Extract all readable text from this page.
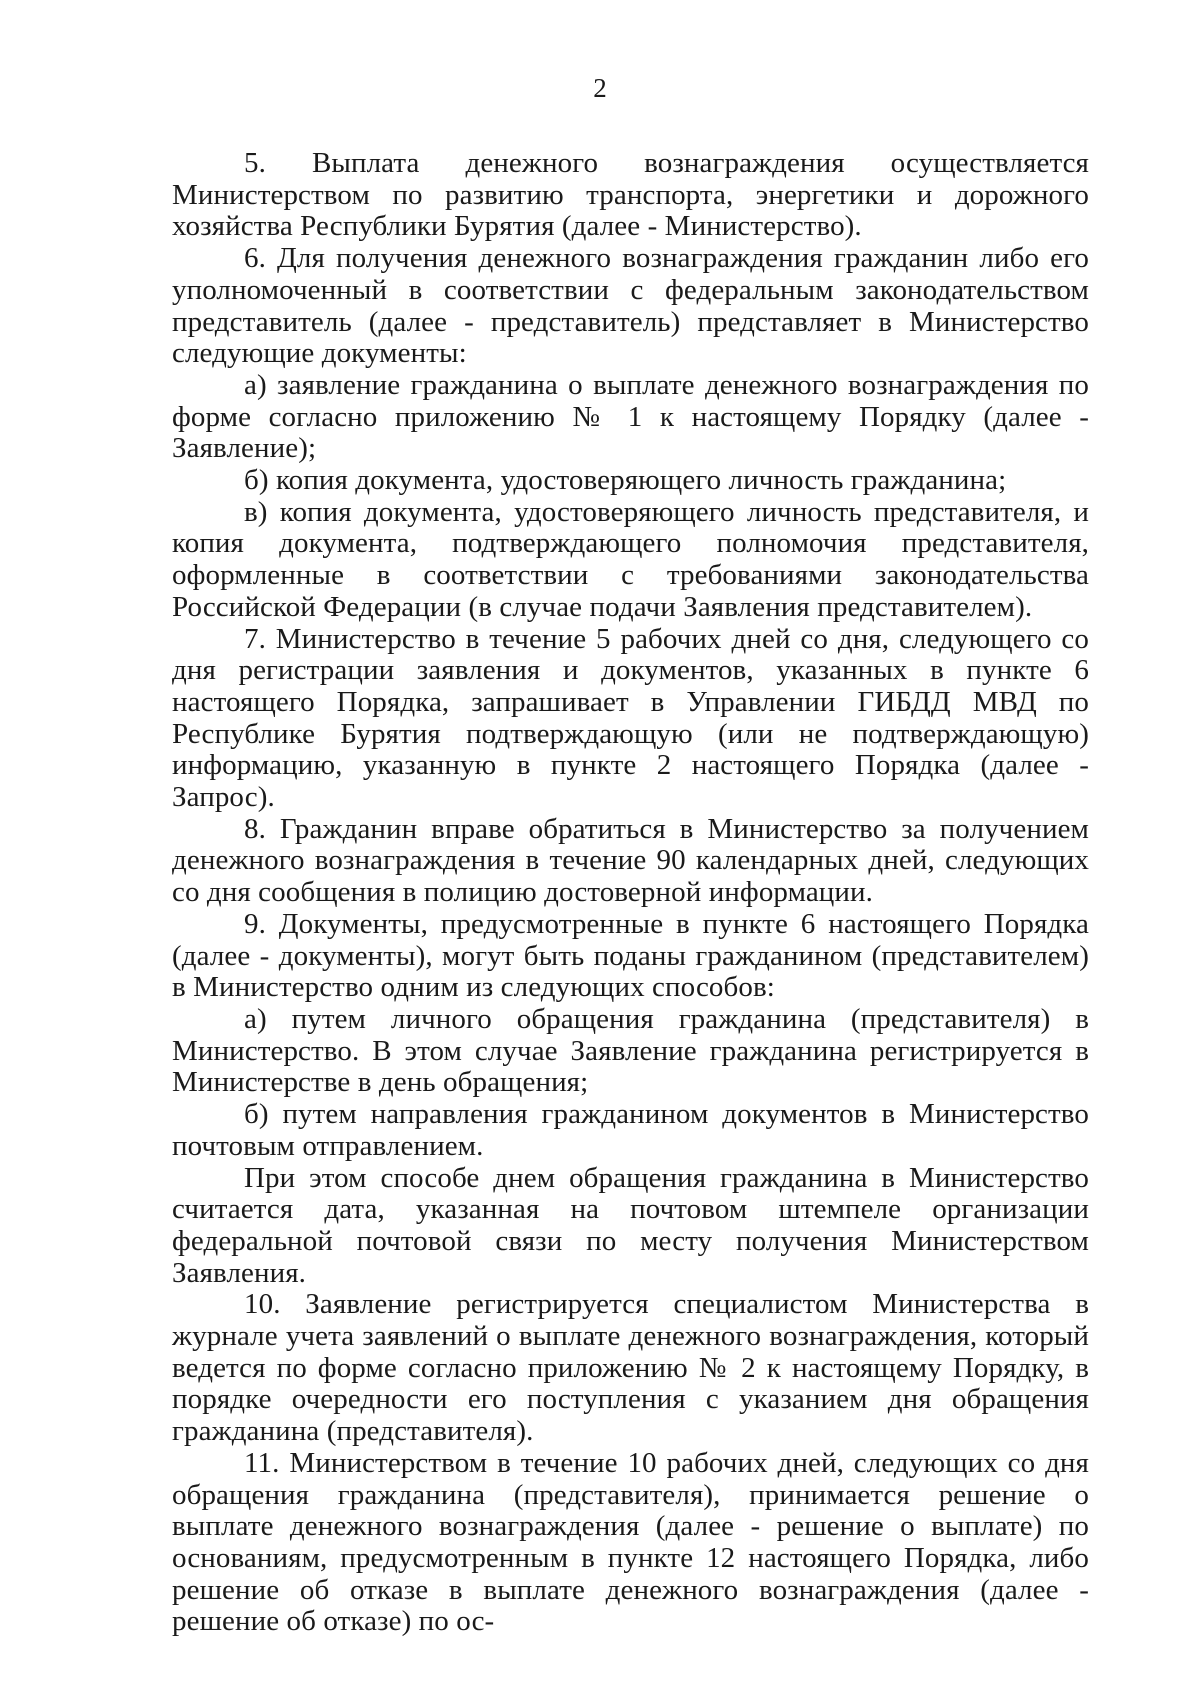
2

5. Выплата денежного вознаграждения осуществляется Министерством по развитию транспорта, энергетики и дорожного хозяйства Республики Бурятия (далее - Министерство).

6. Для получения денежного вознаграждения гражданин либо его уполномоченный в соответствии с федеральным законодательством представитель (далее - представитель) представляет в Министерство следующие документы:

а) заявление гражданина о выплате денежного вознаграждения по форме согласно приложению № 1 к настоящему Порядку (далее - Заявление);

б) копия документа, удостоверяющего личность гражданина;

в) копия документа, удостоверяющего личность представителя, и копия документа, подтверждающего полномочия представителя, оформленные в соответствии с требованиями законодательства Российской Федерации (в случае подачи Заявления представителем).

7. Министерство в течение 5 рабочих дней со дня, следующего со дня регистрации заявления и документов, указанных в пункте 6 настоящего Порядка, запрашивает в Управлении ГИБДД МВД по Республике Бурятия подтверждающую (или не подтверждающую) информацию, указанную в пункте 2 настоящего Порядка (далее - Запрос).

8. Гражданин вправе обратиться в Министерство за получением денежного вознаграждения в течение 90 календарных дней, следующих со дня сообщения в полицию достоверной информации.

9. Документы, предусмотренные в пункте 6 настоящего Порядка (далее - документы), могут быть поданы гражданином (представителем) в Министерство одним из следующих способов:

а) путем личного обращения гражданина (представителя) в Министерство. В этом случае Заявление гражданина регистрируется в Министерстве в день обращения;

б) путем направления гражданином документов в Министерство почтовым отправлением.

При этом способе днем обращения гражданина в Министерство считается дата, указанная на почтовом штемпеле организации федеральной почтовой связи по месту получения Министерством Заявления.

10. Заявление регистрируется специалистом Министерства в журнале учета заявлений о выплате денежного вознаграждения, который ведется по форме согласно приложению № 2 к настоящему Порядку, в порядке очередности его поступления с указанием дня обращения гражданина (представителя).

11. Министерством в течение 10 рабочих дней, следующих со дня обращения гражданина (представителя), принимается решение о выплате денежного вознаграждения (далее - решение о выплате) по основаниям, предусмотренным в пункте 12 настоящего Порядка, либо решение об отказе в выплате денежного вознаграждения (далее - решение об отказе) по ос-
